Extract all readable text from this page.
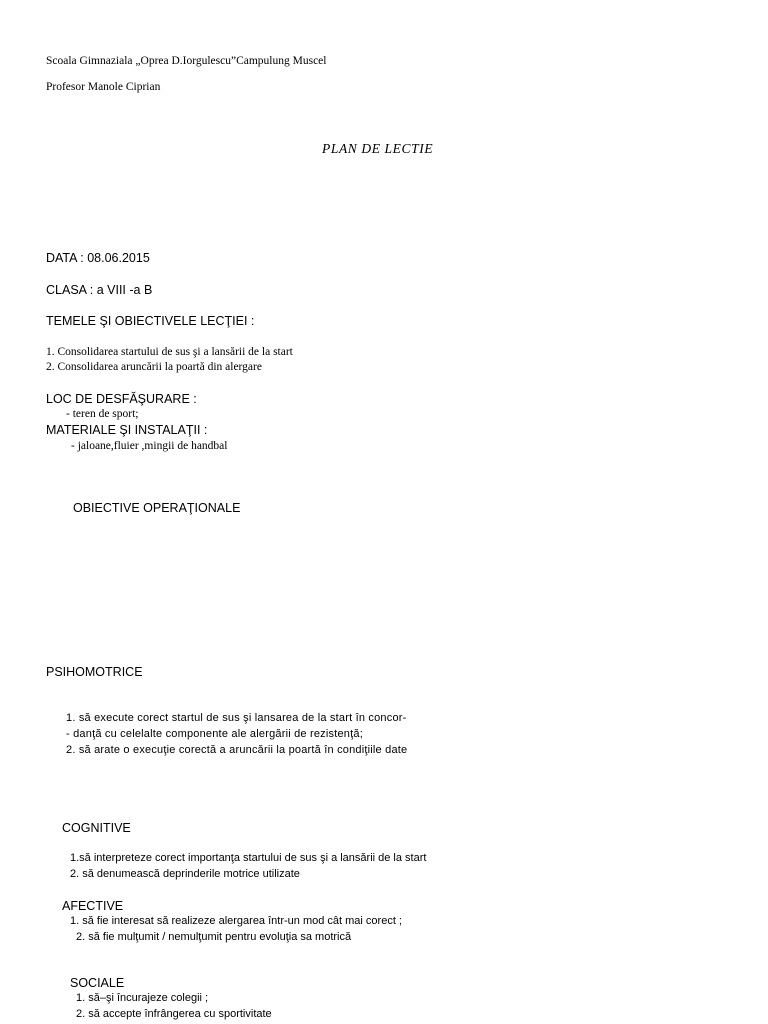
Scoala Gimnaziala „Oprea D.Iorgulescu”Campulung Muscel
Profesor Manole Ciprian
PLAN DE LECTIE
DATA : 08.06.2015
CLASA : a VIII -a B
TEMELE ŞI OBIECTIVELE LECŢIEI :
1. Consolidarea startului de sus şi a lansării de la start
2. Consolidarea aruncării la poartă din alergare
LOC DE DESFĂŞURARE :
- teren de sport;
MATERIALE ŞI INSTALAŢII :
- jaloane,fluier ,mingii de handbal
OBIECTIVE OPERAŢIONALE
PSIHOMOTRICE
1. să execute corect startul de sus şi lansarea de la start în concor-
- danţă cu celelalte componente ale alergării de rezistenţă;
2. să arate o execuţie corectă a aruncării la poartă în condiţiile date
COGNITIVE
1.să interpreteze corect importanţa startului de sus şi a lansării de la start
2. să denumească deprinderile motrice utilizate
AFECTIVE
1. să fie interesat să realizeze alergarea într-un mod cât mai corect ;
2. să fie mulţumit / nemulţumit pentru evoluţia sa motrică
SOCIALE
1. să–şi încurajeze colegii ;
2. să accepte înfrângerea cu sportivitate
